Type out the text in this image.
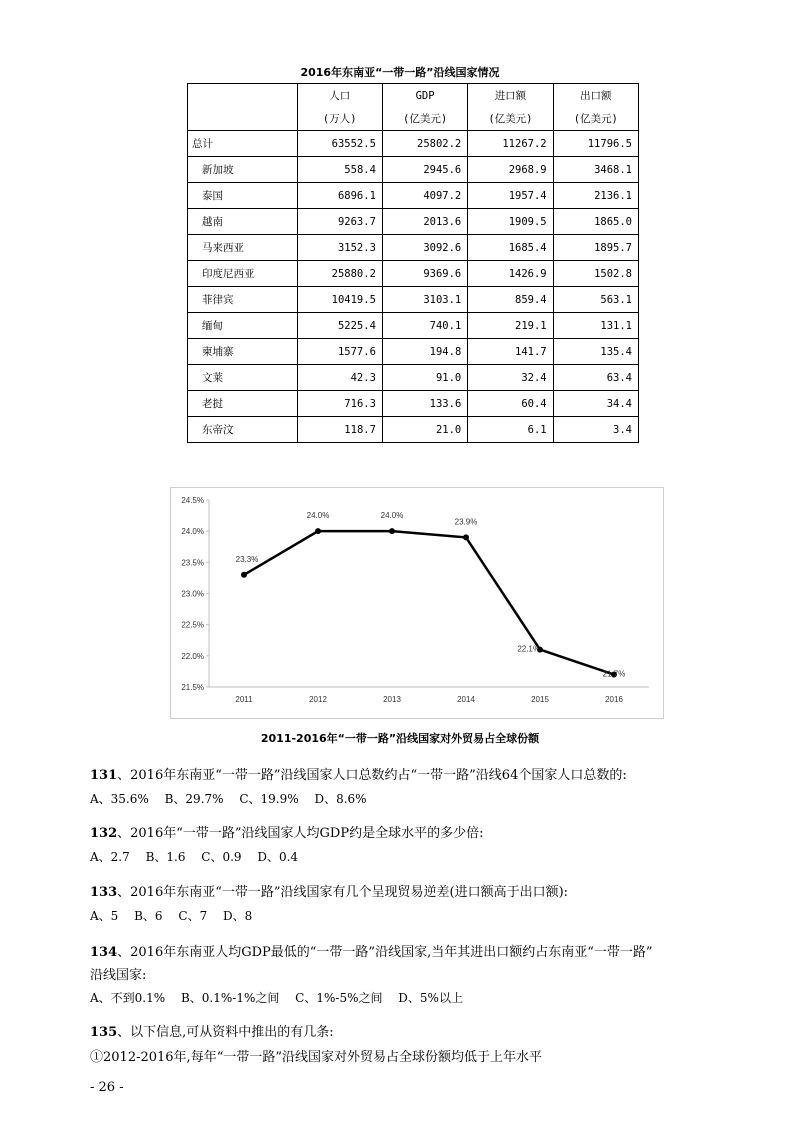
2016年东南亚“一带一路”沿线国家情况
	人口	GDP	进口额	出口额
	(万人)	(亿美元)	(亿美元)	(亿美元)
总计	63552.5	25802.2	11267.2	11796.5
新加坡	558.4	2945.6	2968.9	3468.1
泰国	6896.1	4097.2	1957.4	2136.1
越南	9263.7	2013.6	1909.5	1865.0
马来西亚	3152.3	3092.6	1685.4	1895.7
印度尼西亚	25880.2	9369.6	1426.9	1502.8
菲律宾	10419.5	3103.1	859.4	563.1
缅甸	5225.4	740.1	219.1	131.1
柬埔寨	1577.6	194.8	141.7	135.4
文莱	42.3	91.0	32.4	63.4
老挝	716.3	133.6	60.4	34.4
东帝汶	118.7	21.0	6.1	3.4
24.5%
24.0%
23.5%
23.0%
22.5%
22.0%
21.5%
2011	2012	2013	2014	2015	2016
23.3%
24.0%	24.0%
23.9%
22.1%
21.7%
2011-2016年“一带一路”沿线国家对外贸易占全球份额
131、2016年东南亚“一带一路”沿线国家人口总数约占“一带一路”沿线64个国家人口总数的:
A、35.6%　 B、29.7%　 C、19.9%　 D、8.6%
132、2016年“一带一路”沿线国家人均GDP约是全球水平的多少倍:
A、2.7　 B、1.6　 C、0.9　 D、0.4
133、2016年东南亚“一带一路”沿线国家有几个呈现贸易逆差(进口额高于出口额):
A、5　 B、6　 C、7　 D、8
134、2016年东南亚人均GDP最低的“一带一路”沿线国家,当年其进出口额约占东南亚“一带一路”
沿线国家:
A、不到0.1%　 B、0.1%-1%之间　 C、1%-5%之间　 D、5%以上
135、以下信息,可从资料中推出的有几条:
①2012-2016年,每年“一带一路”沿线国家对外贸易占全球份额均低于上年水平
- 26 -
